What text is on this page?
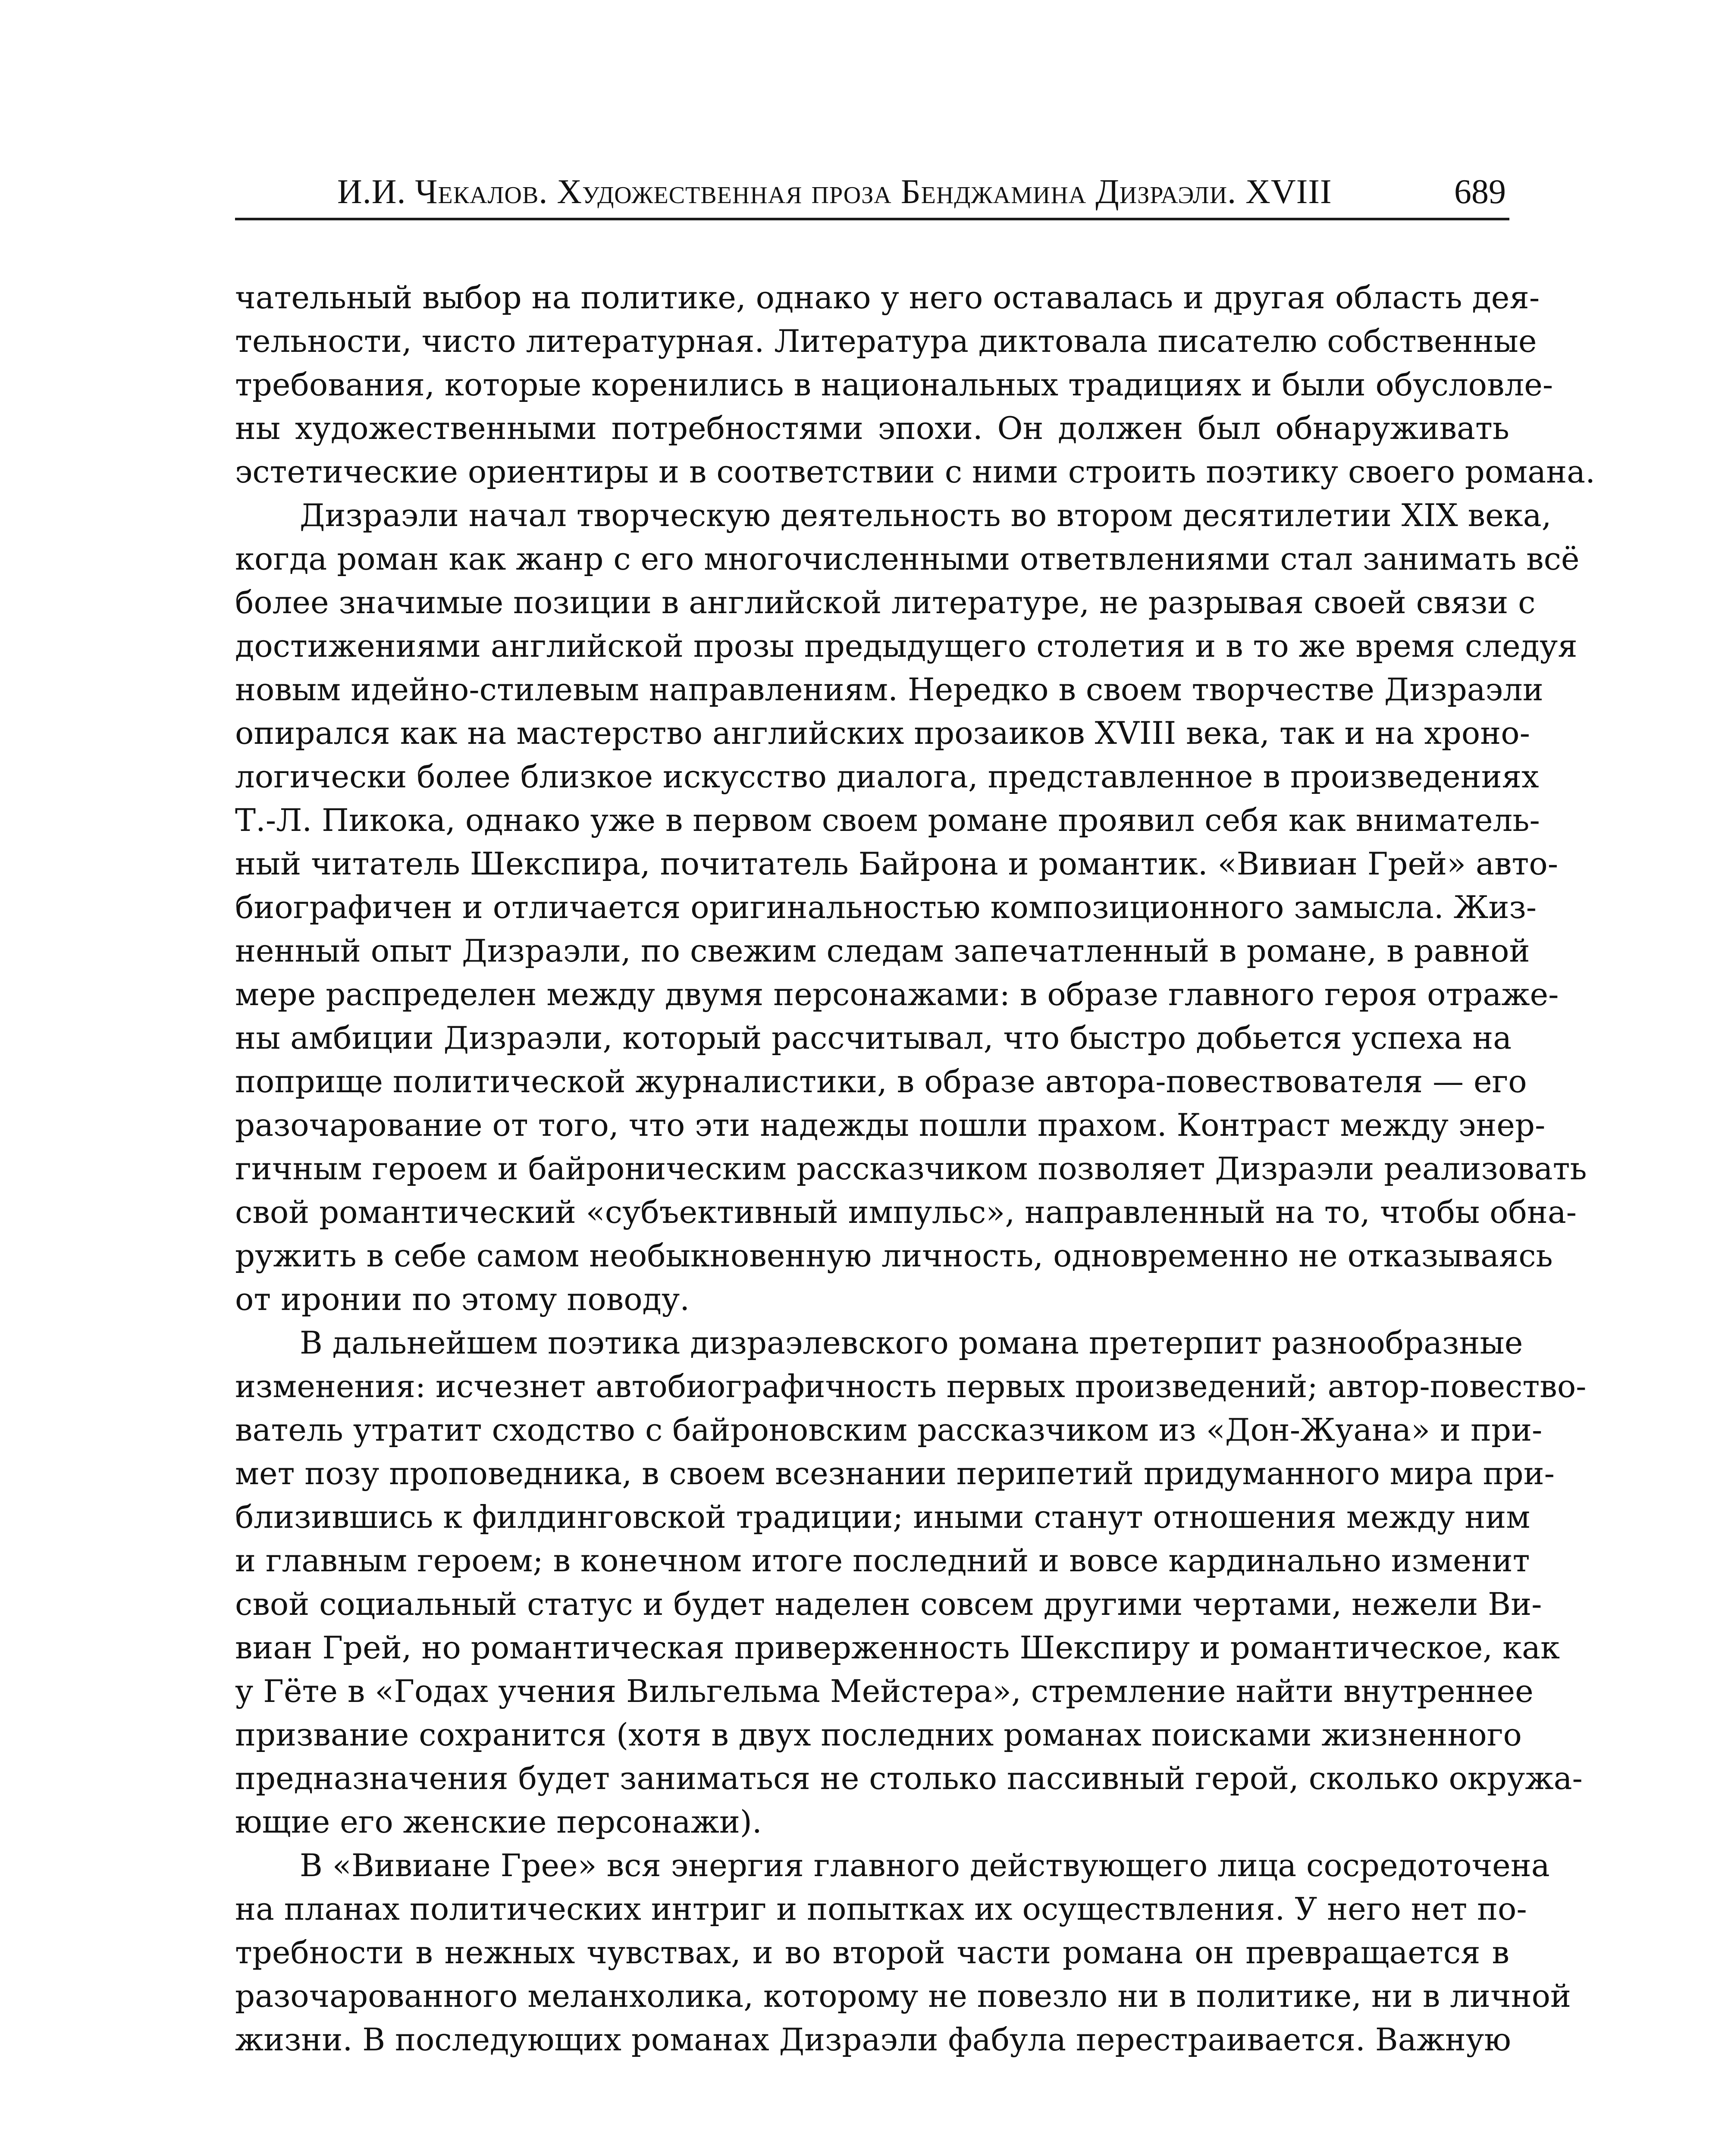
И.И. Чекалов. Художественная проза Бенджамина Дизраэли. XVIII	689

чательный выбор на политике, однако у него оставалась и другая область дея-
тельности, чисто литературная. Литература диктовала писателю собственные
требования, которые коренились в национальных традициях и были обусловле-
ны художественными потребностями эпохи. Он должен был обнаруживать
эстетические ориентиры и в соответствии с ними строить поэтику своего романа.

Дизраэли начал творческую деятельность во втором десятилетии XIX века,
когда роман как жанр с его многочисленными ответвлениями стал занимать всё
более значимые позиции в английской литературе, не разрывая своей связи с
достижениями английской прозы предыдущего столетия и в то же время следуя
новым идейно-стилевым направлениям. Нередко в своем творчестве Дизраэли
опирался как на мастерство английских прозаиков XVIII века, так и на хроно-
логически более близкое искусство диалога, представленное в произведениях
Т.-Л. Пикока, однако уже в первом своем романе проявил себя как вниматель-
ный читатель Шекспира, почитатель Байрона и романтик. «Вивиан Грей» авто-
биографичен и отличается оригинальностью композиционного замысла. Жиз-
ненный опыт Дизраэли, по свежим следам запечатленный в романе, в равной
мере распределен между двумя персонажами: в образе главного героя отраже-
ны амбиции Дизраэли, который рассчитывал, что быстро добьется успеха на
поприще политической журналистики, в образе автора-повествователя — его
разочарование от того, что эти надежды пошли прахом. Контраст между энер-
гичным героем и байроническим рассказчиком позволяет Дизраэли реализовать
свой романтический «субъективный импульс», направленный на то, чтобы обна-
ружить в себе самом необыкновенную личность, одновременно не отказываясь
от иронии по этому поводу.

В дальнейшем поэтика дизраэлевского романа претерпит разнообразные
изменения: исчезнет автобиографичность первых произведений; автор-повество-
ватель утратит сходство с байроновским рассказчиком из «Дон-Жуана» и при-
мет позу проповедника, в своем всезнании перипетий придуманного мира при-
близившись к филдинговской традиции; иными станут отношения между ним
и главным героем; в конечном итоге последний и вовсе кардинально изменит
свой социальный статус и будет наделен совсем другими чертами, нежели Ви-
виан Грей, но романтическая приверженность Шекспиру и романтическое, как
у Гёте в «Годах учения Вильгельма Мейстера», стремление найти внутреннее
призвание сохранится (хотя в двух последних романах поисками жизненного
предназначения будет заниматься не столько пассивный герой, сколько окружа-
ющие его женские персонажи).

В «Вивиане Грее» вся энергия главного действующего лица сосредоточена
на планах политических интриг и попытках их осуществления. У него нет по-
требности в нежных чувствах, и во второй части романа он превращается в
разочарованного меланхолика, которому не повезло ни в политике, ни в личной
жизни. В последующих романах Дизраэли фабула перестраивается. Важную
